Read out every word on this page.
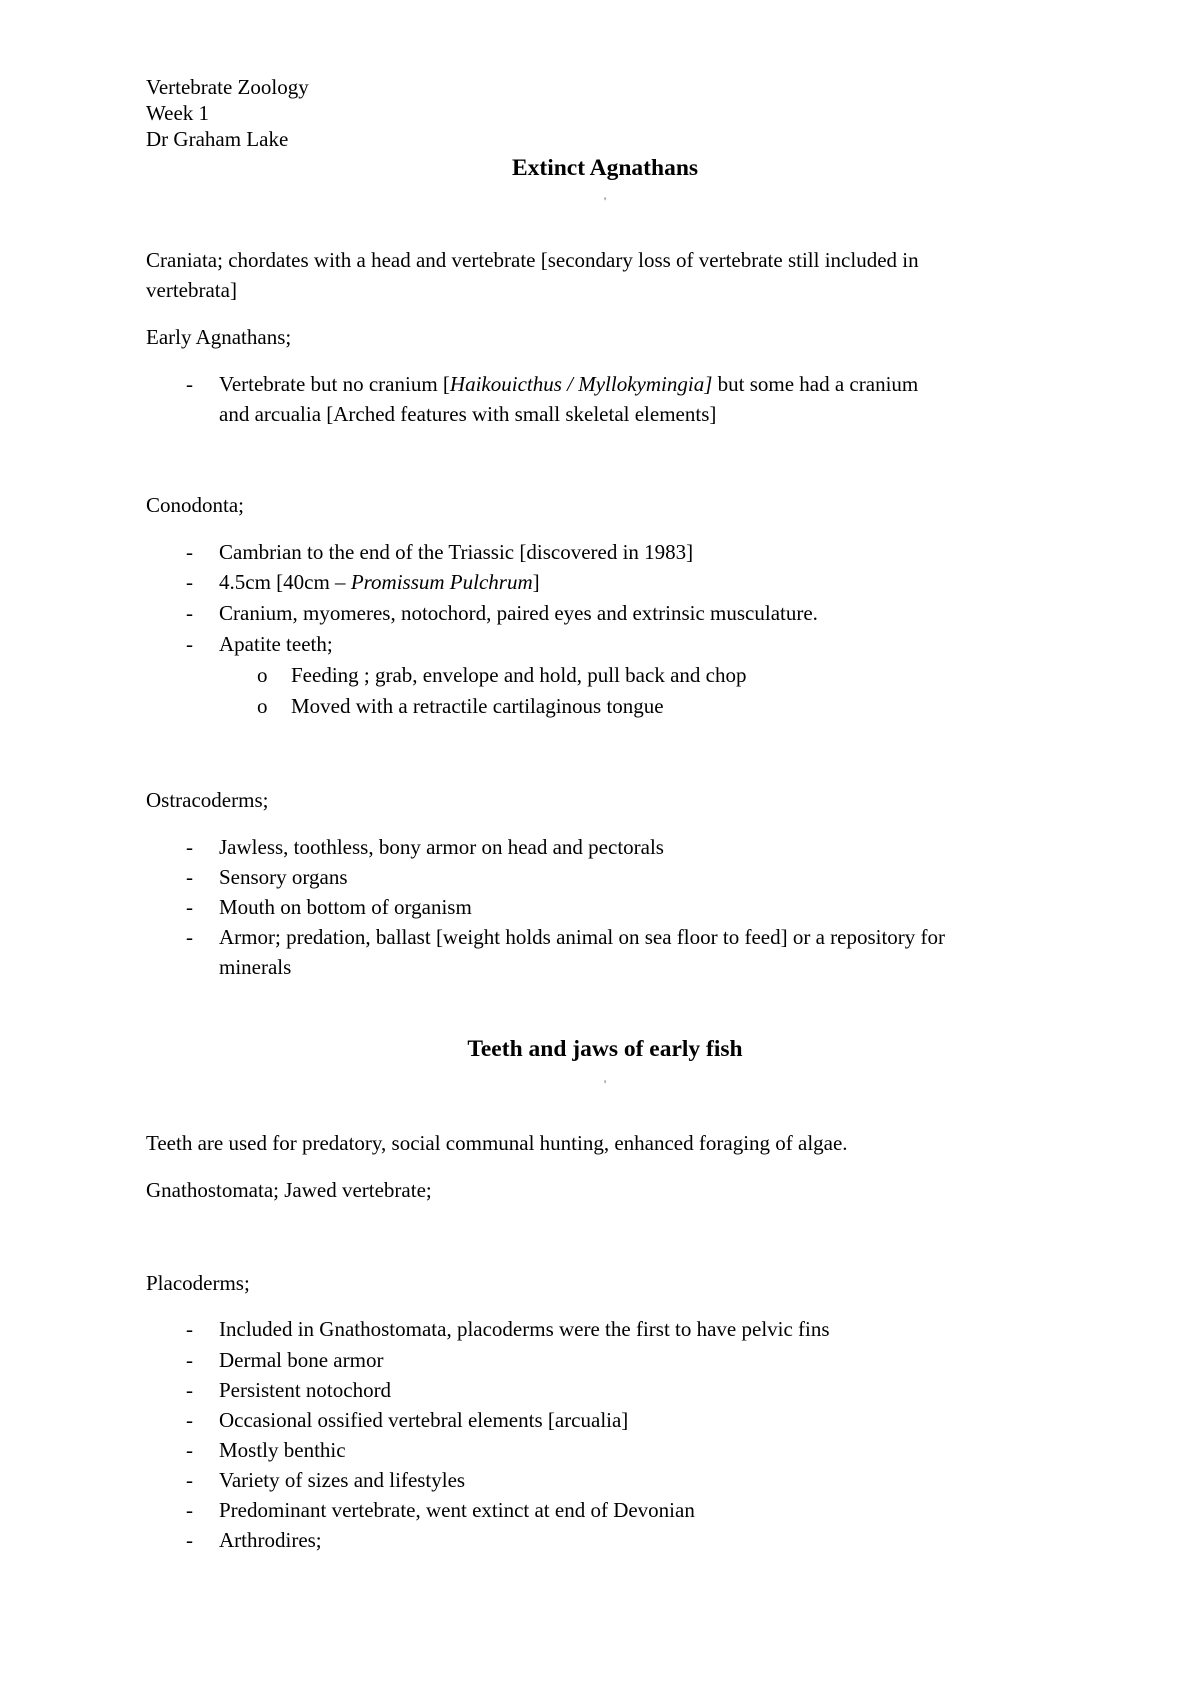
Vertebrate Zoology
Week 1
Dr Graham Lake
Extinct Agnathans
'
Craniata; chordates with a head and vertebrate [secondary loss of vertebrate still included in
vertebrata]
Early Agnathans;
- Vertebrate but no cranium [Haikouicthus / Myllokymingia] but some had a cranium
and arcualia [Arched features with small skeletal elements]
Conodonta;
- Cambrian to the end of the Triassic [discovered in 1983]
- 4.5cm [40cm – Promissum Pulchrum]
- Cranium, myomeres, notochord, paired eyes and extrinsic musculature.
- Apatite teeth;
o Feeding ; grab, envelope and hold, pull back and chop
o Moved with a retractile cartilaginous tongue
Ostracoderms;
- Jawless, toothless, bony armor on head and pectorals
- Sensory organs
- Mouth on bottom of organism
- Armor; predation, ballast [weight holds animal on sea floor to feed] or a repository for
minerals
Teeth and jaws of early fish
'
Teeth are used for predatory, social communal hunting, enhanced foraging of algae.
Gnathostomata; Jawed vertebrate;
Placoderms;
- Included in Gnathostomata, placoderms were the first to have pelvic fins
- Dermal bone armor
- Persistent notochord
- Occasional ossified vertebral elements [arcualia]
- Mostly benthic
- Variety of sizes and lifestyles
- Predominant vertebrate, went extinct at end of Devonian
- Arthrodires;
